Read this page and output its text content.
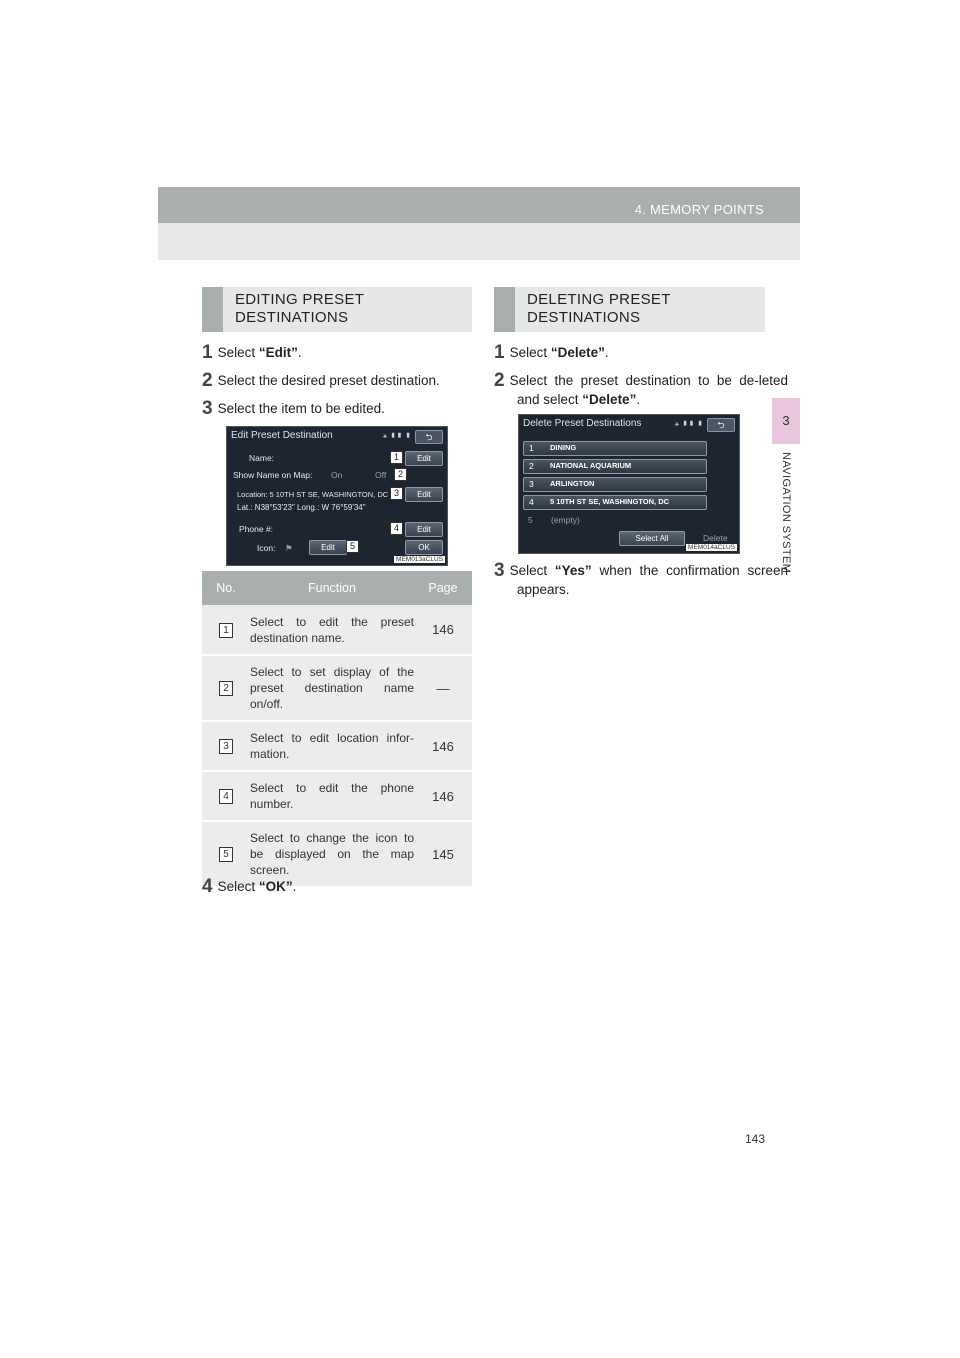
4. MEMORY POINTS
3
NAVIGATION SYSTEM
EDITING PRESET
DESTINATIONS
1 Select “Edit”.
2 Select the desired preset destination.
3 Select the item to be edited.
Edit Preset Destination	⚹ ▮▮ ▮	⮌
Name:	Edit
Show Name on Map: On	Off
Location: 5 10TH ST SE, WASHINGTON, DC
Lat.: N38°53'23" Long.: W 76°59'34"
Edit
Phone #:	Edit
Icon: ⚑	Edit	OK
MEM013aCLUS
1
2
3
4
5
No.	Function	Page
1	Select to edit the preset destination name.	146
2	Select to set display of the preset destination name on/off.	—
3	Select to edit location infor-mation.	146
4	Select to edit the phone number.	146
5	Select to change the icon to be displayed on the map screen.	145
4 Select “OK”.
DELETING PRESET
DESTINATIONS
1 Select “Delete”.
2 Select the preset destination to be de-leted and select “Delete”.
Delete Preset Destinations	⚹ ▮▮ ▮	⮌
1 DINING
2 NATIONAL AQUARIUM
3 ARLINGTON
4 5 10TH ST SE, WASHINGTON, DC
5 (empty)
Select All	Delete
MEM014aCLUS
3 Select “Yes” when the confirmation screen appears.
143
